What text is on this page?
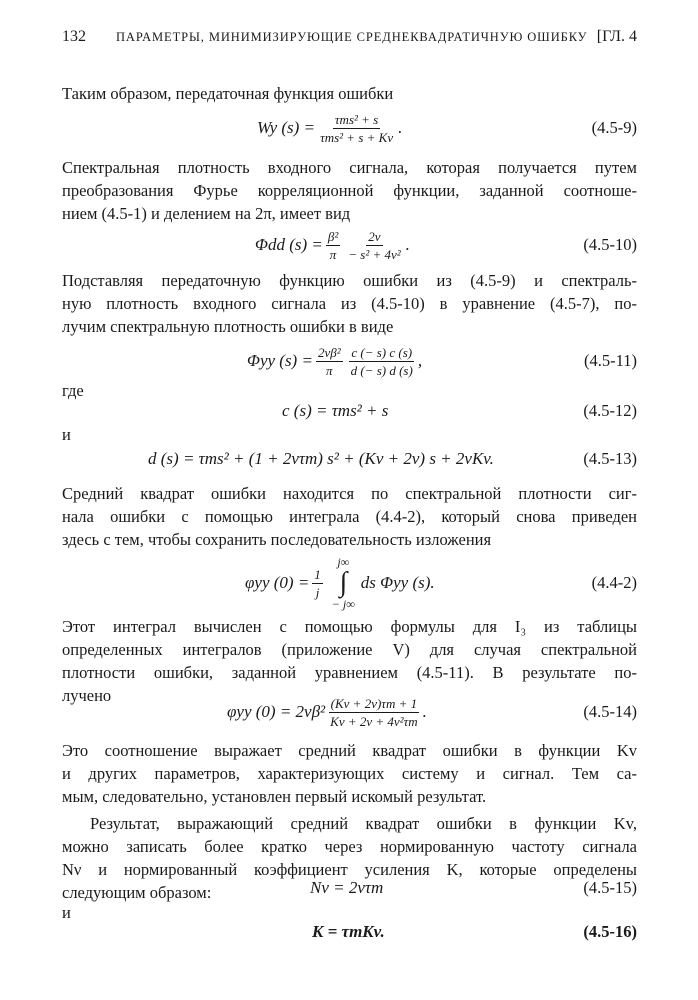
132 ПАРАМЕТРЫ, МИНИМИЗИРУЮЩИЕ СРЕДНЕКВАДРАТИЧНУЮ ОШИБКУ [ГЛ. 4
Таким образом, передаточная функция ошибки
Wy $(s) = \frac{\text{τms² + s}}{\text{τms² + s + Kv}}$ .	(4.5-9)
Спектральная плотность входного сигнала, которая получается путем
преобразования Фурье корреляционной функции, заданной соотноше-
нием (4.5-1) и делением на 2π, имеет вид
Φdd $(s) = \frac{\text{β²}}{\pi} \frac{2\nu}{\text{− s² + 4ν²}}$ .	(4.5-10)
Подставляя передаточную функцию ошибки из (4.5-9) и спектраль-
ную плотность входного сигнала из (4.5-10) в уравнение (4.5-7), по-
лучим спектральную плотность ошибки в виде
Φyy $(s) = \frac{\text{2νβ²}}{\pi} \frac{c (- s) c (s)}{d (- s) d (s)}$ ,	(4.5-11)
где
c (s) = τms² + s	(4.5-12)
и
d (s) = τms² + (1 + 2ντm) s² + (Kv + 2ν) s + 2νKv.	(4.5-13)
Средний квадрат ошибки находится по спектральной плотности сиг-
нала ошибки с помощью интеграла (4.4-2), который снова приведен
здесь с тем, чтобы сохранить последовательность изложения
φyy $(0) = \frac{1}{j}$
j∞
∫
− j∞
ds Φyy (s).	(4.4-2)
Этот интеграл вычислен с помощью формулы для I₃ из таблицы
определенных интегралов (приложение V) для случая спектральной
плотности ошибки, заданной уравнением (4.5-11). В результате по-
лучено
φyy $(0) = 2\nu\beta^2 \frac{(Kv + 2\nu)\tau m + 1}{\text{Kv + 2ν + 4ν²τm}}$ .	(4.5-14)
Это соотношение выражает средний квадрат ошибки в функции Kv
и других параметров, характеризующих систему и сигнал. Тем са-
мым, следовательно, установлен первый искомый результат.
Результат, выражающий средний квадрат ошибки в функции Kv,
можно записать более кратко через нормированную частоту сигнала
Nν и нормированный коэффициент усиления K, которые определены
следующим образом:	Nν = 2ντm	(4.5-15)
и
K = τmKv.	(4.5-16)
